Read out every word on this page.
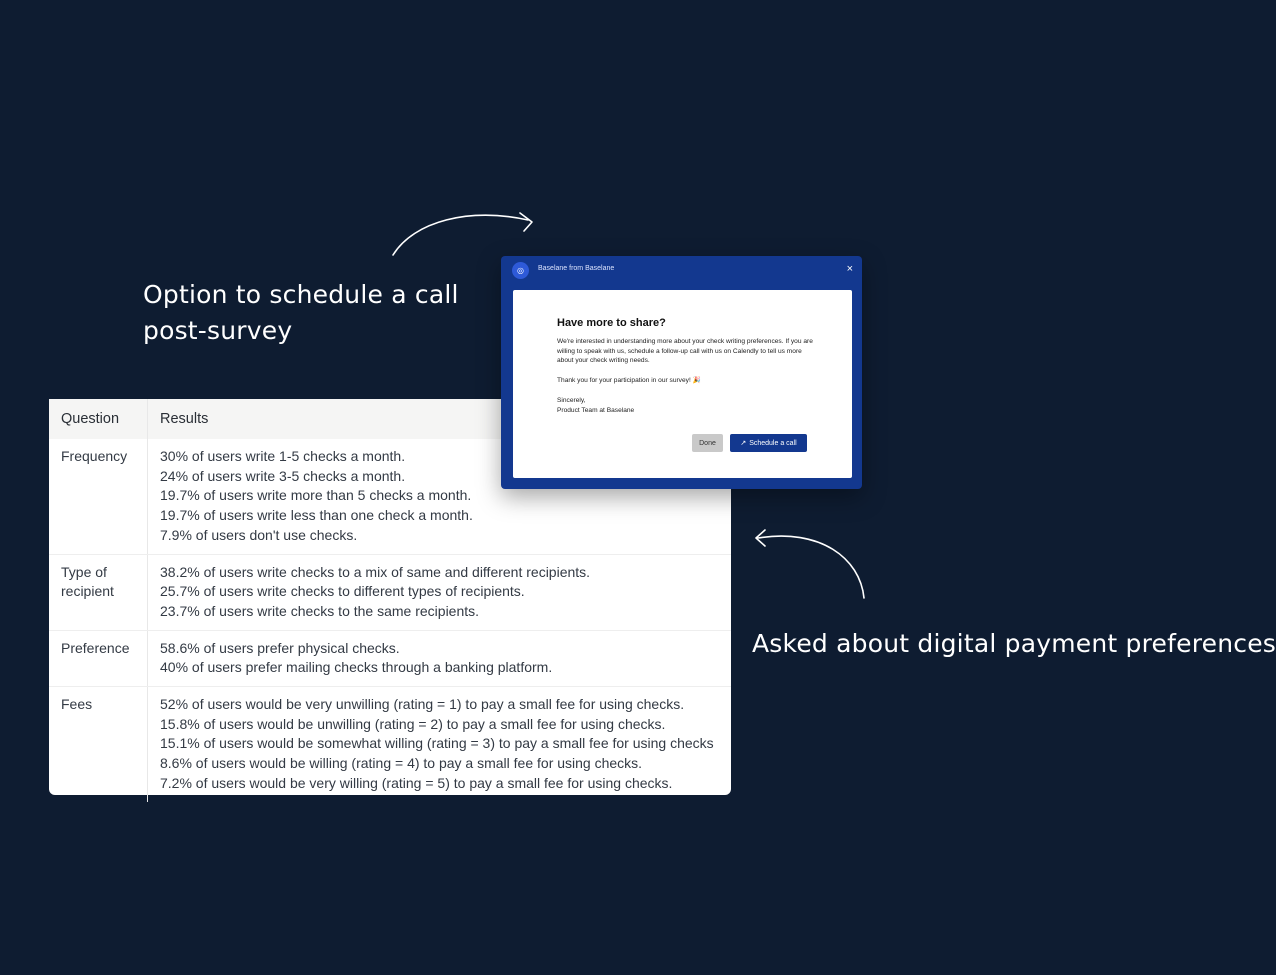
Option to schedule a call post-survey

Question	Results
Frequency	30% of users write 1-5 checks a month.
24% of users write 3-5 checks a month.
19.7% of users write more than 5 checks a month.
19.7% of users write less than one check a month.
7.9% of users don't use checks.

Type of recipient	38.2% of users write checks to a mix of same and different recipients.
25.7% of users write checks to different types of recipients.
23.7% of users write checks to the same recipients.

Preference	58.6% of users prefer physical checks.
40% of users prefer mailing checks through a banking platform.

Fees	52% of users would be very unwilling (rating = 1) to pay a small fee for using checks.
15.8% of users would be unwilling (rating = 2) to pay a small fee for using checks.
15.1% of users would be somewhat willing (rating = 3) to pay a small fee for using checks
8.6% of users would be willing (rating = 4) to pay a small fee for using checks.
7.2% of users would be very willing (rating = 5) to pay a small fee for using checks.
◎	Baselane from Baselane	×
Have more to share?

We're interested in understanding more about your check writing preferences. If you are willing to speak with us, schedule a follow-up call with us on Calendly to tell us more about your check writing needs.

Thank you for your participation in our survey! 🎉

Sincerely,
Product Team at Baselane

Done	↗ Schedule a call

Asked about digital payment preferences
